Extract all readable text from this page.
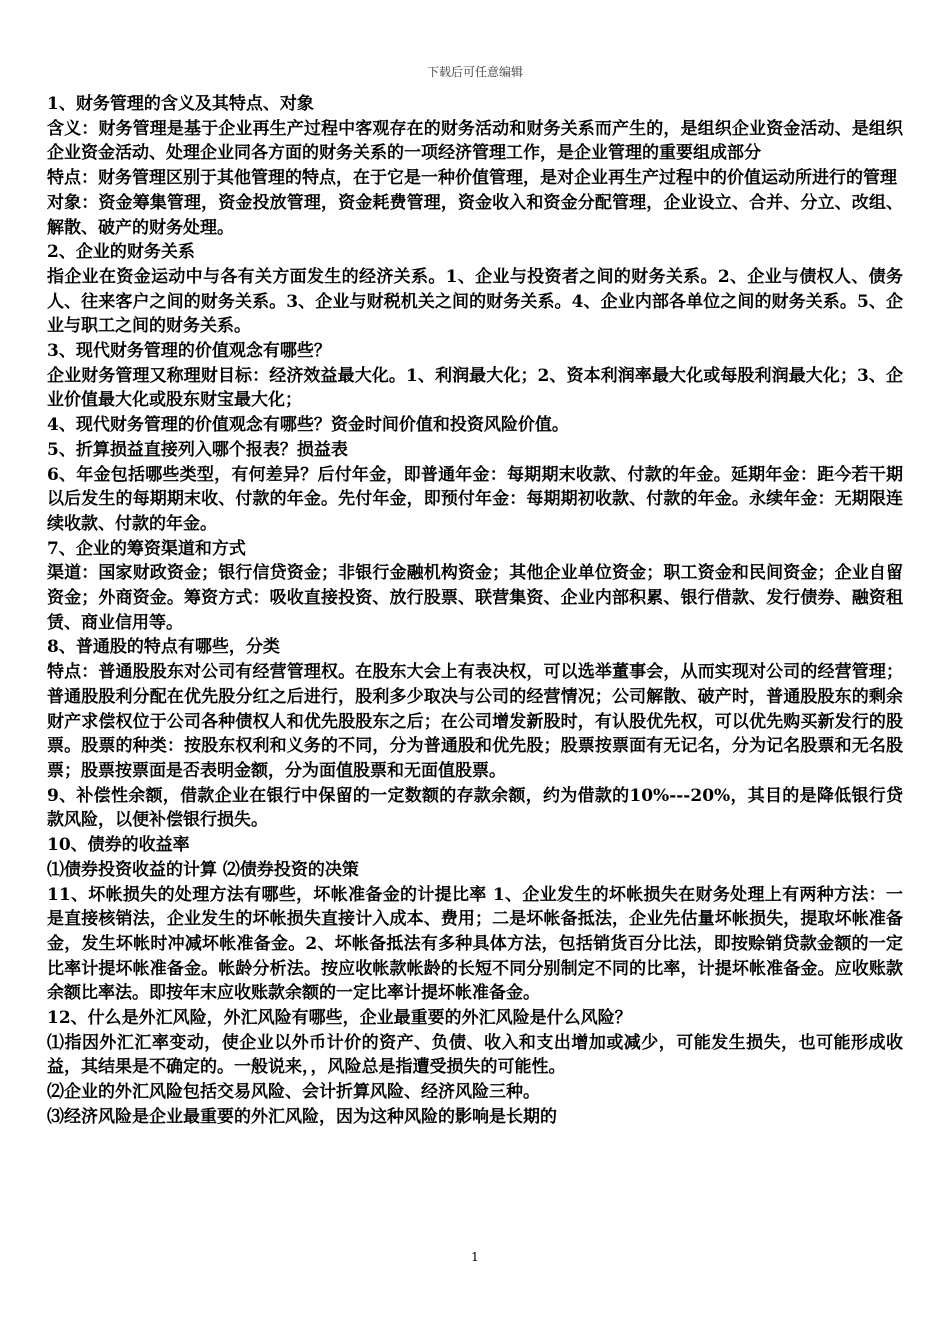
下载后可任意编辑

1、财务管理的含义及其特点、对象

含义：财务管理是基于企业再生产过程中客观存在的财务活动和财务关系而产生的，是组织企业资金活动、是组织企业资金活动、处理企业同各方面的财务关系的一项经济管理工作，是企业管理的重要组成部分

特点：财务管理区别于其他管理的特点，在于它是一种价值管理，是对企业再生产过程中的价值运动所进行的管理

对象：资金筹集管理，资金投放管理，资金耗费管理，资金收入和资金分配管理，企业设立、合并、分立、改组、解散、破产的财务处理。

2、企业的财务关系

指企业在资金运动中与各有关方面发生的经济关系。1、企业与投资者之间的财务关系。2、企业与债权人、债务人、往来客户之间的财务关系。3、企业与财税机关之间的财务关系。4、企业内部各单位之间的财务关系。5、企业与职工之间的财务关系。

3、现代财务管理的价值观念有哪些？

企业财务管理又称理财目标：经济效益最大化。1、利润最大化；2、资本利润率最大化或每股利润最大化；3、企业价值最大化或股东财宝最大化；

4、现代财务管理的价值观念有哪些？资金时间价值和投资风险价值。

5、折算损益直接列入哪个报表？损益表

6、年金包括哪些类型，有何差异？后付年金，即普通年金：每期期末收款、付款的年金。延期年金：距今若干期以后发生的每期期末收、付款的年金。先付年金，即预付年金：每期期初收款、付款的年金。永续年金：无期限连续收款、付款的年金。

7、企业的筹资渠道和方式

渠道：国家财政资金；银行信贷资金；非银行金融机构资金；其他企业单位资金；职工资金和民间资金；企业自留资金；外商资金。筹资方式：吸收直接投资、放行股票、联营集资、企业内部积累、银行借款、发行债券、融资租赁、商业信用等。

8、普通股的特点有哪些，分类

特点：普通股股东对公司有经营管理权。在股东大会上有表决权，可以选举董事会，从而实现对公司的经营管理；普通股股利分配在优先股分红之后进行，股利多少取决与公司的经营情况；公司解散、破产时，普通股股东的剩余财产求偿权位于公司各种债权人和优先股股东之后；在公司增发新股时，有认股优先权，可以优先购买新发行的股票。股票的种类：按股东权利和义务的不同，分为普通股和优先股；股票按票面有无记名，分为记名股票和无名股票；股票按票面是否表明金额，分为面值股票和无面值股票。

9、补偿性余额，借款企业在银行中保留的一定数额的存款余额，约为借款的10%---20%，其目的是降低银行贷款风险，以便补偿银行损失。

10、债券的收益率

⑴债券投资收益的计算 ⑵债券投资的决策

11、坏帐损失的处理方法有哪些，坏帐准备金的计提比率 1、企业发生的坏帐损失在财务处理上有两种方法：一是直接核销法，企业发生的坏帐损失直接计入成本、费用；二是坏帐备抵法，企业先估量坏帐损失，提取坏帐准备金，发生坏帐时冲减坏帐准备金。2、坏帐备抵法有多种具体方法，包括销货百分比法，即按赊销贷款金额的一定比率计提坏帐准备金。帐龄分析法。按应收帐款帐龄的长短不同分别制定不同的比率，计提坏帐准备金。应收账款余额比率法。即按年末应收账款余额的一定比率计提坏帐准备金。

12、什么是外汇风险，外汇风险有哪些，企业最重要的外汇风险是什么风险？

⑴指因外汇汇率变动，使企业以外币计价的资产、负债、收入和支出增加或减少，可能发生损失，也可能形成收益，其结果是不确定的。一般说来，，风险总是指遭受损失的可能性。

⑵企业的外汇风险包括交易风险、会计折算风险、经济风险三种。

⑶经济风险是企业最重要的外汇风险，因为这种风险的影响是长期的

1
